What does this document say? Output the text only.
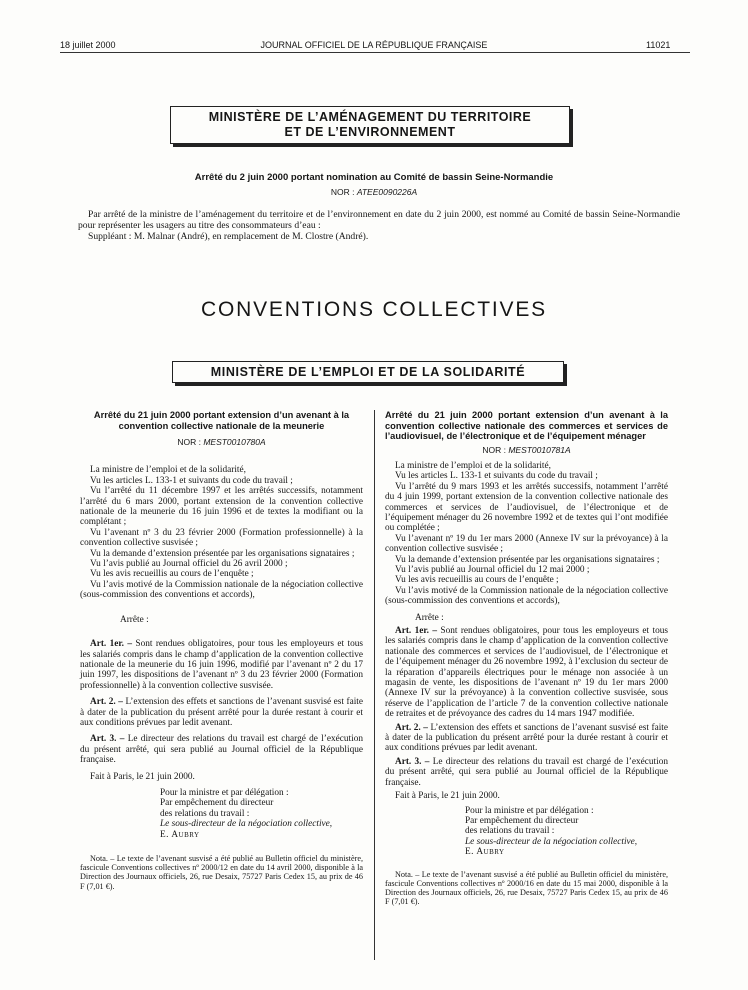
18 juillet 2000	JOURNAL OFFICIEL DE LA RÉPUBLIQUE FRANÇAISE	11021
MINISTÈRE DE L’AMÉNAGEMENT DU TERRITOIRE
ET DE L’ENVIRONNEMENT
Arrêté du 2 juin 2000 portant nomination au Comité de bassin Seine-Normandie
NOR : ATEE0090226A

Par arrêté de la ministre de l’aménagement du territoire et de l’environnement en date du 2 juin 2000, est nommé au Comité de bassin Seine-Normandie pour représenter les usagers au titre des consommateurs d’eau :

Suppléant : M. Malnar (André), en remplacement de M. Clostre (André).

CONVENTIONS COLLECTIVES
MINISTÈRE DE L’EMPLOI ET DE LA SOLIDARITÉ

Arrêté du 21 juin 2000 portant extension d’un avenant à la convention collective nationale de la meunerie

NOR : MEST0010780A

La ministre de l’emploi et de la solidarité,

Vu les articles L. 133-1 et suivants du code du travail ;

Vu l’arrêté du 11 décembre 1997 et les arrêtés successifs, notamment l’arrêté du 6 mars 2000, portant extension de la convention collective nationale de la meunerie du 16 juin 1996 et de textes la modifiant ou la complétant ;

Vu l’avenant nº 3 du 23 février 2000 (Formation professionnelle) à la convention collective susvisée ;

Vu la demande d’extension présentée par les organisations signataires ;

Vu l’avis publié au Journal officiel du 26 avril 2000 ;

Vu les avis recueillis au cours de l’enquête ;

Vu l’avis motivé de la Commission nationale de la négociation collective (sous-commission des conventions et accords),

Arrête :

Art. 1er. – Sont rendues obligatoires, pour tous les employeurs et tous les salariés compris dans le champ d’application de la convention collective nationale de la meunerie du 16 juin 1996, modifié par l’avenant nº 2 du 17 juin 1997, les dispositions de l’avenant nº 3 du 23 février 2000 (Formation professionnelle) à la convention collective susvisée.

Art. 2. – L’extension des effets et sanctions de l’avenant susvisé est faite à dater de la publication du présent arrêté pour la durée restant à courir et aux conditions prévues par ledit avenant.

Art. 3. – Le directeur des relations du travail est chargé de l’exécution du présent arrêté, qui sera publié au Journal officiel de la République française.

Fait à Paris, le 21 juin 2000.

Pour la ministre et par délégation :

Par empêchement du directeur

des relations du travail :

Le sous-directeur de la négociation collective,

E. Aubry

Nota. – Le texte de l’avenant susvisé a été publié au Bulletin officiel du ministère, fascicule Conventions collectives nº 2000/12 en date du 14 avril 2000, disponible à la Direction des Journaux officiels, 26, rue Desaix, 75727 Paris Cedex 15, au prix de 46 F (7,01 €).

Arrêté du 21 juin 2000 portant extension d’un avenant à la convention collective nationale des commerces et services de l’audiovisuel, de l’électronique et de l’équipement ménager

NOR : MEST0010781A

La ministre de l’emploi et de la solidarité,

Vu les articles L. 133-1 et suivants du code du travail ;

Vu l’arrêté du 9 mars 1993 et les arrêtés successifs, notamment l’arrêté du 4 juin 1999, portant extension de la convention collective nationale des commerces et services de l’audiovisuel, de l’électronique et de l’équipement ménager du 26 novembre 1992 et de textes qui l’ont modifiée ou complétée ;

Vu l’avenant nº 19 du 1er mars 2000 (Annexe IV sur la prévoyance) à la convention collective susvisée ;

Vu la demande d’extension présentée par les organisations signataires ;

Vu l’avis publié au Journal officiel du 12 mai 2000 ;

Vu les avis recueillis au cours de l’enquête ;

Vu l’avis motivé de la Commission nationale de la négociation collective (sous-commission des conventions et accords),

Arrête :

Art. 1er. – Sont rendues obligatoires, pour tous les employeurs et tous les salariés compris dans le champ d’application de la convention collective nationale des commerces et services de l’audiovisuel, de l’électronique et de l’équipement ménager du 26 novembre 1992, à l’exclusion du secteur de la réparation d’appareils électriques pour le ménage non associée à un magasin de vente, les dispositions de l’avenant nº 19 du 1er mars 2000 (Annexe IV sur la prévoyance) à la convention collective susvisée, sous réserve de l’application de l’article 7 de la convention collective nationale de retraites et de prévoyance des cadres du 14 mars 1947 modifiée.

Art. 2. – L’extension des effets et sanctions de l’avenant susvisé est faite à dater de la publication du présent arrêté pour la durée restant à courir et aux conditions prévues par ledit avenant.

Art. 3. – Le directeur des relations du travail est chargé de l’exécution du présent arrêté, qui sera publié au Journal officiel de la République française.

Fait à Paris, le 21 juin 2000.

Pour la ministre et par délégation :

Par empêchement du directeur

des relations du travail :

Le sous-directeur de la négociation collective,

E. Aubry

Nota. – Le texte de l’avenant susvisé a été publié au Bulletin officiel du ministère, fascicule Conventions collectives nº 2000/16 en date du 15 mai 2000, disponible à la Direction des Journaux officiels, 26, rue Desaix, 75727 Paris Cedex 15, au prix de 46 F (7,01 €).
